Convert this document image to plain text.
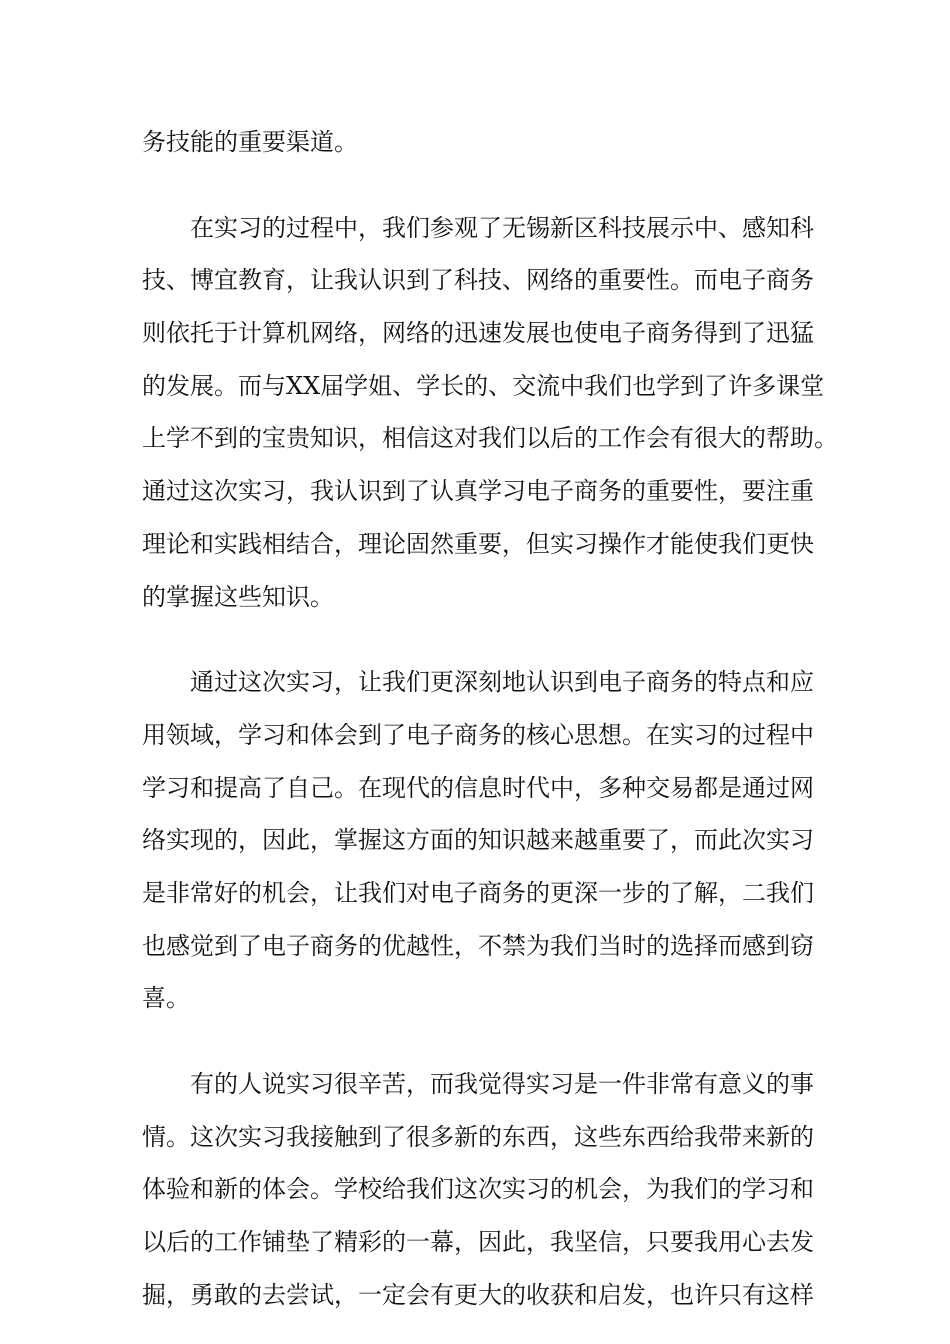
务技能的重要渠道。
在实习的过程中，我们参观了无锡新区科技展示中、感知科
技、博宜教育，让我认识到了科技、网络的重要性。而电子商务
则依托于计算机网络，网络的迅速发展也使电子商务得到了迅猛
的发展。而与XX届学姐、学长的、交流中我们也学到了许多课堂
上学不到的宝贵知识，相信这对我们以后的工作会有很大的帮助。
通过这次实习，我认识到了认真学习电子商务的重要性，要注重
理论和实践相结合，理论固然重要，但实习操作才能使我们更快
的掌握这些知识。
通过这次实习，让我们更深刻地认识到电子商务的特点和应
用领域，学习和体会到了电子商务的核心思想。在实习的过程中
学习和提高了自己。在现代的信息时代中，多种交易都是通过网
络实现的，因此，掌握这方面的知识越来越重要了，而此次实习
是非常好的机会，让我们对电子商务的更深一步的了解，二我们
也感觉到了电子商务的优越性，不禁为我们当时的选择而感到窃
喜。
有的人说实习很辛苦，而我觉得实习是一件非常有意义的事
情。这次实习我接触到了很多新的东西，这些东西给我带来新的
体验和新的体会。学校给我们这次实习的机会，为我们的学习和
以后的工作铺垫了精彩的一幕，因此，我坚信，只要我用心去发
掘，勇敢的去尝试，一定会有更大的收获和启发，也许只有这样
